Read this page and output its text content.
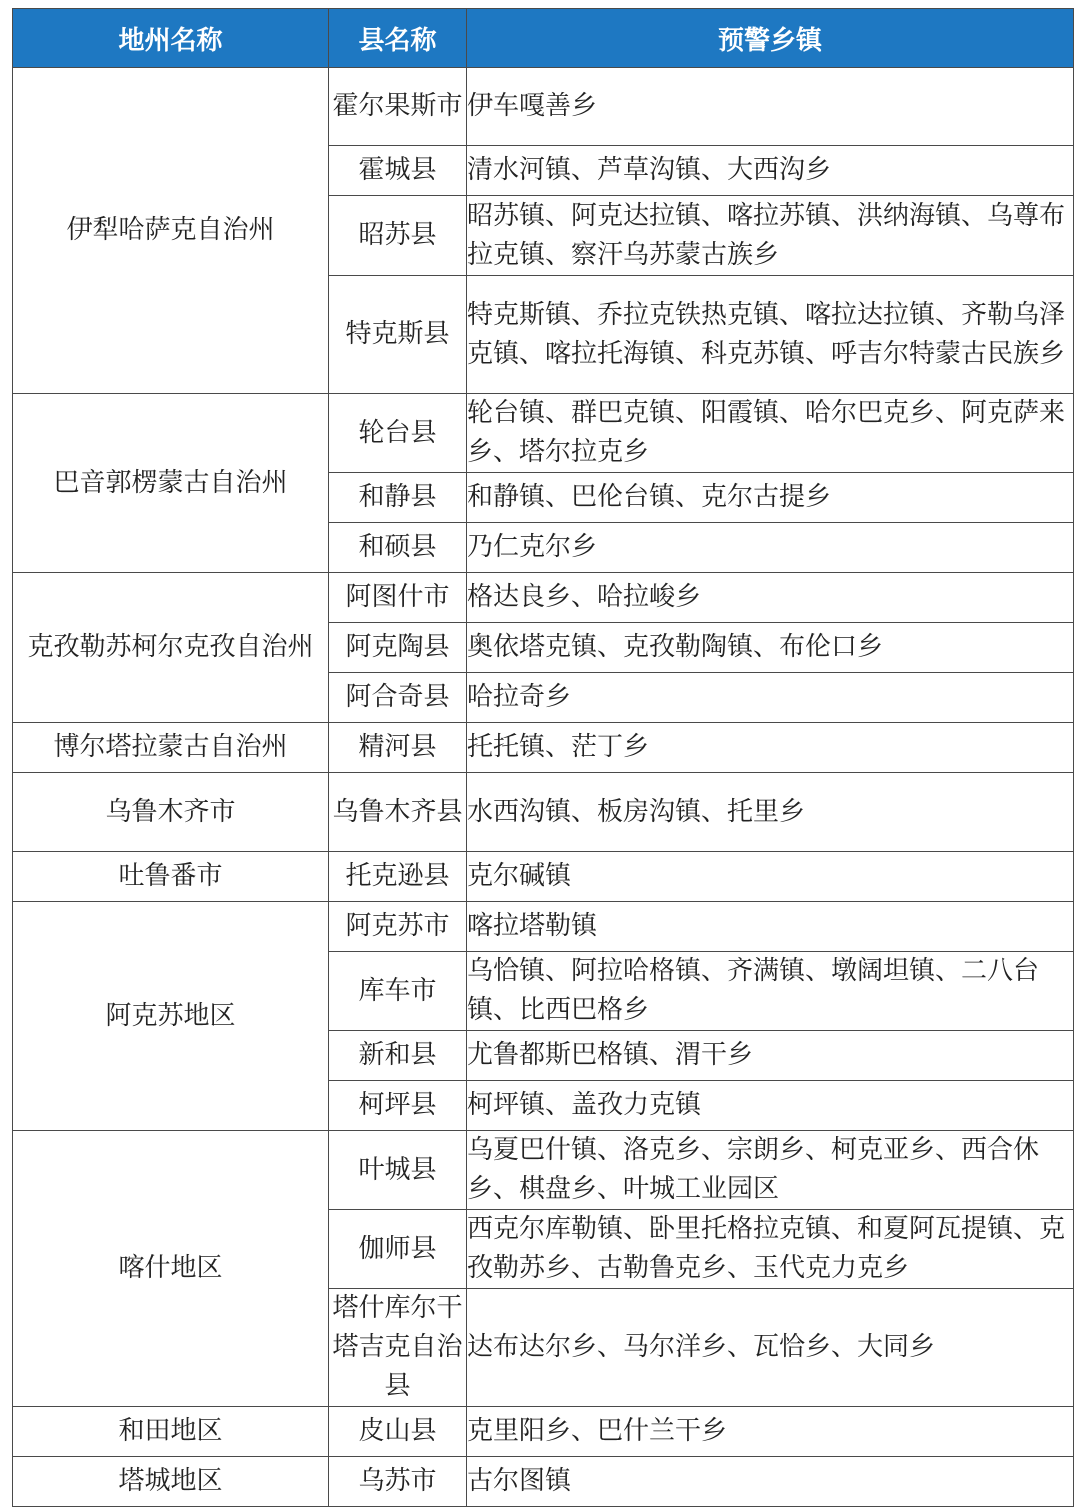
地州名称	县名称	预警乡镇
伊犁哈萨克自治州	霍尔果斯市	伊车嘎善乡
	霍城县	清水河镇、芦草沟镇、大西沟乡
	昭苏县	昭苏镇、阿克达拉镇、喀拉苏镇、洪纳海镇、乌尊布拉克镇、察汗乌苏蒙古族乡
	特克斯县	特克斯镇、乔拉克铁热克镇、喀拉达拉镇、齐勒乌泽克镇、喀拉托海镇、科克苏镇、呼吉尔特蒙古民族乡
巴音郭楞蒙古自治州	轮台县	轮台镇、群巴克镇、阳霞镇、哈尔巴克乡、阿克萨来乡、塔尔拉克乡
	和静县	和静镇、巴伦台镇、克尔古提乡
	和硕县	乃仁克尔乡
克孜勒苏柯尔克孜自治州	阿图什市	格达良乡、哈拉峻乡
	阿克陶县	奥依塔克镇、克孜勒陶镇、布伦口乡
	阿合奇县	哈拉奇乡
博尔塔拉蒙古自治州	精河县	托托镇、茫丁乡
乌鲁木齐市	乌鲁木齐县	水西沟镇、板房沟镇、托里乡
吐鲁番市	托克逊县	克尔碱镇
阿克苏地区	阿克苏市	喀拉塔勒镇
	库车市	乌恰镇、阿拉哈格镇、齐满镇、墩阔坦镇、二八台镇、比西巴格乡
	新和县	尤鲁都斯巴格镇、渭干乡
	柯坪县	柯坪镇、盖孜力克镇
喀什地区	叶城县	乌夏巴什镇、洛克乡、宗朗乡、柯克亚乡、西合休乡、棋盘乡、叶城工业园区
	伽师县	西克尔库勒镇、卧里托格拉克镇、和夏阿瓦提镇、克孜勒苏乡、古勒鲁克乡、玉代克力克乡
	塔什库尔干塔吉克自治县	达布达尔乡、马尔洋乡、瓦恰乡、大同乡
和田地区	皮山县	克里阳乡、巴什兰干乡
塔城地区	乌苏市	古尔图镇
